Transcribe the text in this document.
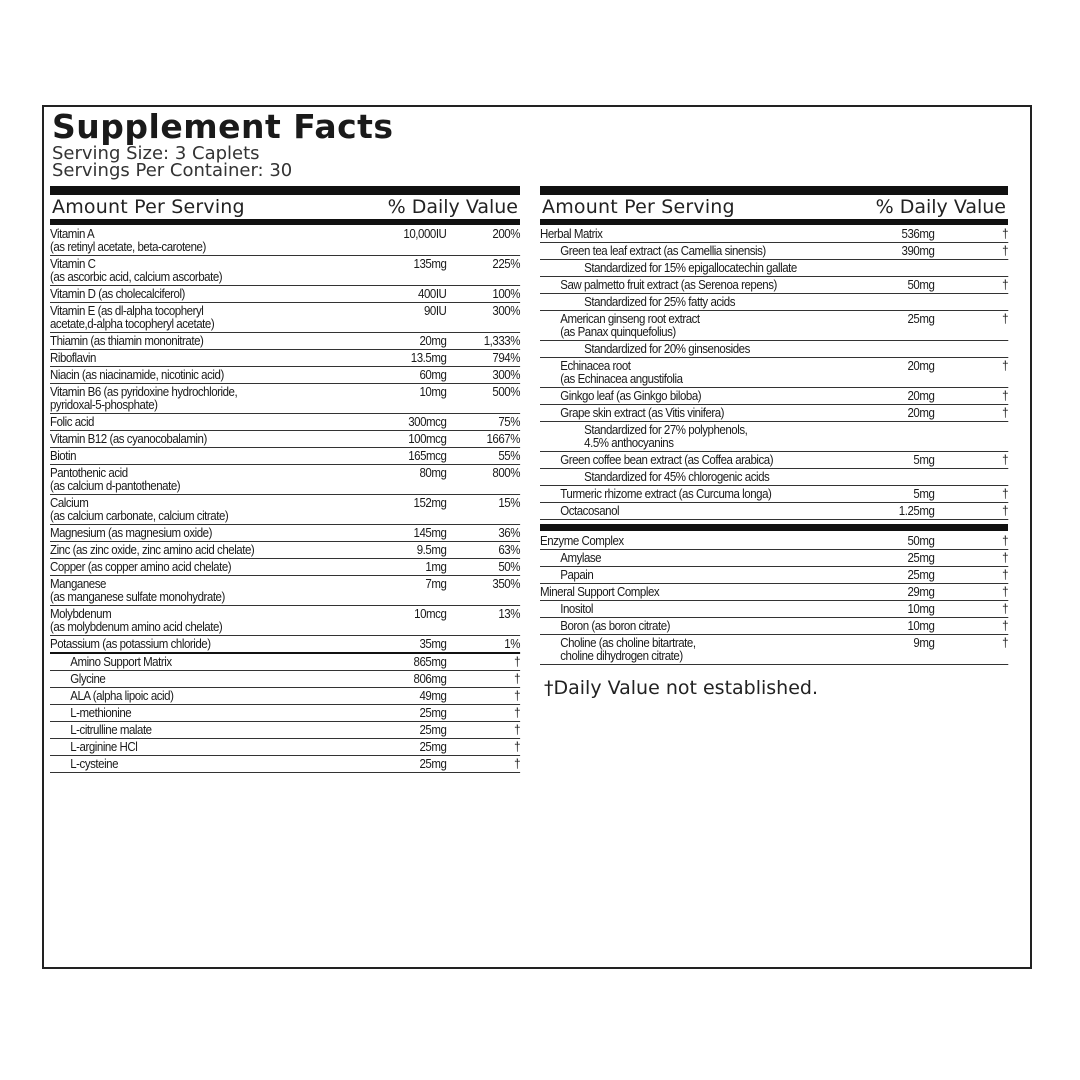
Supplement Facts
Serving Size: 3 Caplets
Servings Per Container: 30
Amount Per Serving	% Daily Value
Vitamin A
(as retinyl acetate, beta-carotene)
10,000IU	200%
Vitamin C
(as ascorbic acid, calcium ascorbate)
135mg	225%
Vitamin D (as cholecalciferol)	400IU	100%
Vitamin E (as dl-alpha tocopheryl
acetate,d-alpha tocopheryl acetate)
90IU	300%
Thiamin (as thiamin mononitrate)	20mg	1,333%
Riboflavin	13.5mg	794%
Niacin (as niacinamide, nicotinic acid)	60mg	300%
Vitamin B6 (as pyridoxine hydrochloride,
pyridoxal-5-phosphate)
10mg	500%
Folic acid	300mcg	75%
Vitamin B12 (as cyanocobalamin)	100mcg	1667%
Biotin	165mcg	55%
Pantothenic acid
(as calcium d-pantothenate)
80mg	800%
Calcium
(as calcium carbonate, calcium citrate)
152mg	15%
Magnesium (as magnesium oxide)	145mg	36%
Zinc (as zinc oxide, zinc amino acid chelate)	9.5mg	63%
Copper (as copper amino acid chelate)	1mg	50%
Manganese
(as manganese sulfate monohydrate)
7mg	350%
Molybdenum
(as molybdenum amino acid chelate)
10mcg	13%
Potassium (as potassium chloride)	35mg	1%
Amino Support Matrix	865mg	†
Glycine	806mg	†
ALA (alpha lipoic acid)	49mg	†
L-methionine	25mg	†
L-citrulline malate	25mg	†
L-arginine HCl	25mg	†
L-cysteine	25mg	†
Amount Per Serving	% Daily Value
Herbal Matrix	536mg	†
Green tea leaf extract (as Camellia sinensis)	390mg	†
Standardized for 15% epigallocatechin gallate
Saw palmetto fruit extract (as Serenoa repens)	50mg	†
Standardized for 25% fatty acids
American ginseng root extract
(as Panax quinquefolius)
25mg	†
Standardized for 20% ginsenosides
Echinacea root
(as Echinacea angustifolia
20mg	†
Ginkgo leaf (as Ginkgo biloba)	20mg	†
Grape skin extract (as Vitis vinifera)	20mg	†
Standardized for 27% polyphenols,
4.5% anthocyanins
Green coffee bean extract (as Coffea arabica)	5mg	†
Standardized for 45% chlorogenic acids
Turmeric rhizome extract (as Curcuma longa)	5mg	†
Octacosanol	1.25mg	†
Enzyme Complex	50mg	†
Amylase	25mg	†
Papain	25mg	†
Mineral Support Complex	29mg	†
Inositol	10mg	†
Boron (as boron citrate)	10mg	†
Choline (as choline bitartrate,
choline dihydrogen citrate)
9mg	†
†Daily Value not established.
